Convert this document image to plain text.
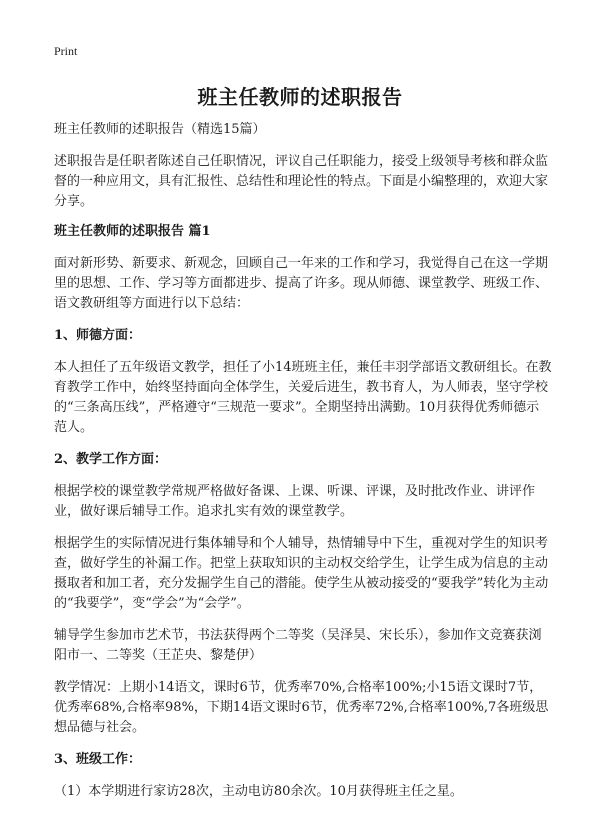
Print
班主任教师的述职报告

班主任教师的述职报告（精选15篇）

述职报告是任职者陈述自己任职情况，评议自己任职能力，接受上级领导考核和群众监督的一种应用文，具有汇报性、总结性和理论性的特点。下面是小编整理的，欢迎大家分享。

班主任教师的述职报告 篇1

面对新形势、新要求、新观念，回顾自己一年来的工作和学习，我觉得自己在这一学期里的思想、工作、学习等方面都进步、提高了许多。现从师德、课堂教学、班级工作、语文教研组等方面进行以下总结：

1、师德方面：

本人担任了五年级语文教学，担任了小14班班主任，兼任丰羽学部语文教研组长。在教育教学工作中，始终坚持面向全体学生，关爱后进生，教书育人，为人师表，坚守学校的“三条高压线”，严格遵守“三规范一要求”。全期坚持出满勤。10月获得优秀师德示范人。

2、教学工作方面：

根据学校的课堂教学常规严格做好备课、上课、听课、评课，及时批改作业、讲评作业，做好课后辅导工作。追求扎实有效的课堂教学。

根据学生的实际情况进行集体辅导和个人辅导，热情辅导中下生，重视对学生的知识考查，做好学生的补漏工作。把堂上获取知识的主动权交给学生，让学生成为信息的主动摄取者和加工者，充分发掘学生自己的潜能。使学生从被动接受的“要我学”转化为主动的“我要学”，变“学会”为“会学”。

辅导学生参加市艺术节，书法获得两个二等奖（吴泽昊、宋长乐），参加作文竞赛获浏阳市一、二等奖（王芷央、黎楚伊）

教学情况：上期小14语文，课时6节，优秀率70%,合格率100%;小15语文课时7节，优秀率68%,合格率98%，下期14语文课时6节，优秀率72%,合格率100%,7各班级思想品德与社会。

3、班级工作：

（1）本学期进行家访28次，主动电访80余次。10月获得班主任之星。
